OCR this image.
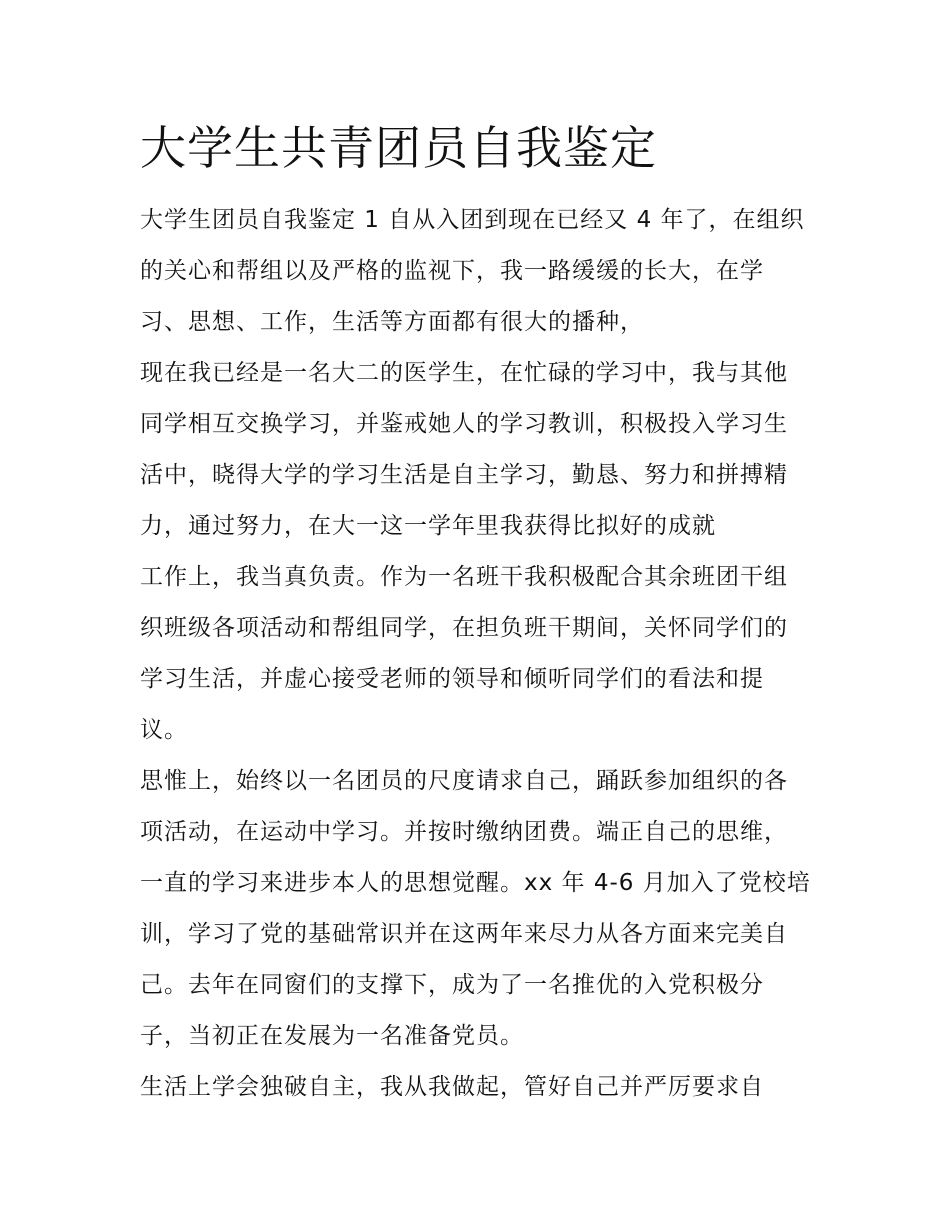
大学生共青团员自我鉴定

大学生团员自我鉴定 1 自从入团到现在已经又 4 年了，在组织
的关心和帮组以及严格的监视下，我一路缓缓的长大，在学
习、思想、工作，生活等方面都有很大的播种，

现在我已经是一名大二的医学生，在忙碌的学习中，我与其他
同学相互交换学习，并鉴戒她人的学习教训，积极投入学习生
活中，晓得大学的学习生活是自主学习，勤恳、努力和拼搏精
力，通过努力，在大一这一学年里我获得比拟好的成就

工作上，我当真负责。作为一名班干我积极配合其余班团干组
织班级各项活动和帮组同学，在担负班干期间，关怀同学们的
学习生活，并虚心接受老师的领导和倾听同学们的看法和提
议。

思惟上，始终以一名团员的尺度请求自己，踊跃参加组织的各
项活动，在运动中学习。并按时缴纳团费。端正自己的思维，
一直的学习来进步本人的思想觉醒。xx 年 4-6 月加入了党校培
训，学习了党的基础常识并在这两年来尽力从各方面来完美自
己。去年在同窗们的支撑下，成为了一名推优的入党积极分
子，当初正在发展为一名准备党员。

生活上学会独破自主，我从我做起，管好自己并严厉要求自
